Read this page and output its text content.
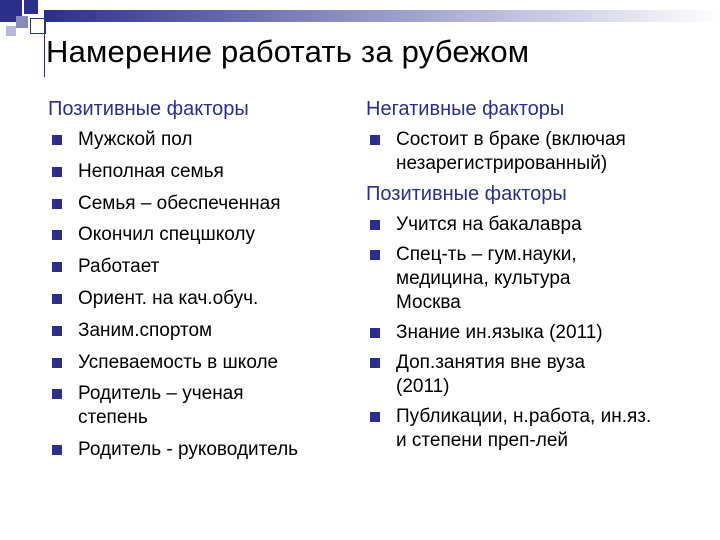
Намерение работать за рубежом
Позитивные факторы
Мужской пол
Неполная семья
Семья – обеспеченная
Окончил спецшколу
Работает
Ориент. на кач.обуч.
Заним.спортом
Успеваемость в школе
Родитель – ученая степень
Родитель - руководитель
Негативные факторы
Состоит в браке (включая незарегистрированный)
Позитивные факторы
Учится на бакалавра
Спец-ть – гум.науки, медицина, культура Москва
Знание ин.языка (2011)
Доп.занятия вне вуза (2011)
Публикации, н.работа, ин.яз. и степени преп-лей
